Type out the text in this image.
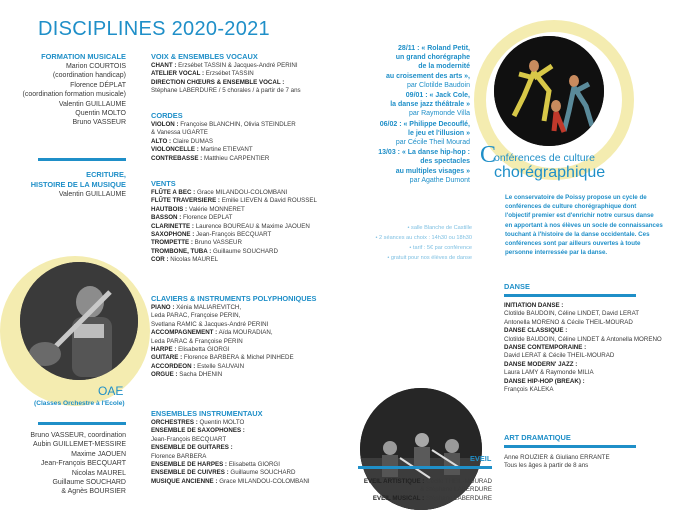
DISCIPLINES 2020-2021
FORMATION MUSICALE
Marion COURTOIS
(coordination handicap)
Florence DÉPLAT
(coordination formation musicale)
Valentin GUILLAUME
Quentin MOLTO
Bruno VASSEUR
ECRITURE,
HISTOIRE DE LA MUSIQUE
Valentin GUILLAUME
OAE
(Classes Orchestre à l'Ecole)
Bruno VASSEUR, coordination
Aubin GUILLEMET-MESSIRE
Maxime JAOUEN
Jean-François BECQUART
Nicolas MAUREL
Guillaume SOUCHARD
& Agnès BOURSIER
VOIX & ENSEMBLES VOCAUX
CHANT : Erzsébet TASSIN & Jacques-André PERINI
ATELIER VOCAL : Erzsébet TASSIN
DIRECTION CHŒURS & ENSEMBLE VOCAL :
Stéphane LABERDURE / 5 chorales / à partir de 7 ans
CORDES
VIOLON : Françoise BLANCHIN, Olivia STEINDLER
& Vanessa UGARTE
ALTO : Claire DUMAS
VIOLONCELLE : Martine ETIEVANT
CONTREBASSE : Matthieu CARPENTIER
VENTS
FLÛTE A BEC : Grace MILANDOU-COLOMBANI
FLÛTE TRAVERSIERE : Emilie LIEVEN & David ROUSSEL
HAUTBOIS : Valérie MONNERET
BASSON : Florence DEPLAT
CLARINETTE : Laurence BOUREAU & Maxime JAOUEN
SAXOPHONE : Jean-François BECQUART
TROMPETTE : Bruno VASSEUR
TROMBONE, TUBA : Guillaume SOUCHARD
COR : Nicolas MAUREL
CLAVIERS & INSTRUMENTS POLYPHONIQUES
PIANO : Xénia MALIAREVITCH,
Leda PARAC, Françoise PERIN,
Svetlana RAMIC & Jacques-André PERINI
ACCOMPAGNEMENT : Aïda MOURADIAN,
Leda PARAC & Françoise PERIN
HARPE : Elisabetta GIORGI
GUITARE : Florence BARBERA & Michel PINHEDE
ACCORDEON : Estelle SAUVAIN
ORGUE : Sacha DHENIN
ENSEMBLES INSTRUMENTAUX
ORCHESTRES : Quentin MOLTO
ENSEMBLE DE SAXOPHONES :
Jean-François BECQUART
ENSEMBLE DE GUITARES :
Florence BARBERA
ENSEMBLE DE HARPES : Elisabetta GIORGI
ENSEMBLE DE CUIVRES : Guillaume SOUCHARD
MUSIQUE ANCIENNE : Grace MILANDOU-COLOMBANI
28/11 : « Roland Petit,
un grand chorégraphe
de la modernité
au croisement des arts »,
par Clotilde Baudoin
09/01 : « Jack Cole,
la danse jazz théâtrale »
par Raymonde Villa
06/02 : « Philippe Decouflé,
le jeu et l'illusion »
par Cécile Theil Mourad
13/03 : « La danse hip-hop :
des spectacles
au multiples visages »
par Agathe Dumont
C
onférences de culture
chorégraphique
Le conservatoire de Poissy propose un cycle de
conférences de culture chorégraphique dont
l'objectif premier est d'enrichir notre cursus danse
en apportant à nos élèves un socle de connaissances
touchant à l'histoire de la danse occidentale. Ces
conférences sont par ailleurs ouvertes à toute
personne interressée par la danse.
• salle Blanche de Castille
• 2 séances au choix : 14h30 ou 18h30
• tarif : 5€ par conférence
• gratuit pour nos élèves de danse
EVEIL
EVEIL ARTISTIQUE : Cécile THEIL-MOURAD
& Stéphane LABERDURE
EVEIL MUSICAL : Stéphane LABERDURE
DANSE
INITIATION DANSE :
Clotilde BAUDOIN, Céline LINDET, David LERAT
Antonella MORENO & Cécile THEIL-MOURAD
DANSE CLASSIQUE :
Clotilde BAUDOIN, Céline LINDET & Antonella MORENO
DANSE CONTEMPORAINE :
David LERAT & Cécile THEIL-MOURAD
DANSE MODERN' JAZZ :
Laura LAMY & Raymonde MILIA
DANSE HIP-HOP (BREAK) :
François KALEKA
ART DRAMATIQUE
Anne ROUZIER & Giuliano ERRANTE
Tous les âges à partir de 8 ans
